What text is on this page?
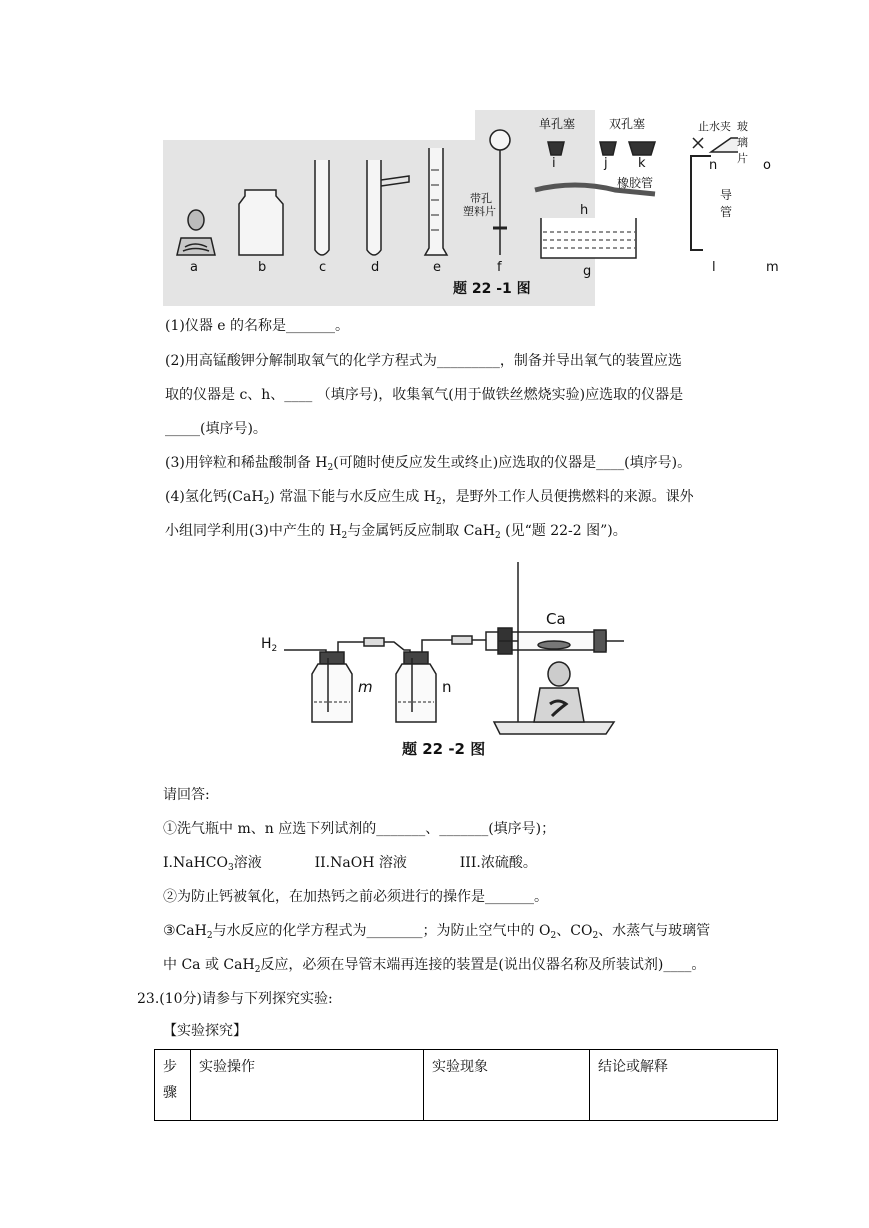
单孔塞	双孔塞	止水夹 玻璃片
带孔
塑料片
橡胶管
导管
a	b	c	d	e	f	g
i	j k	n	o
l	m
h
题 22 -1 图
(1)仪器 e 的名称是_______。
(2)用高锰酸钾分解制取氧气的化学方程式为_________，制备并导出氧气的装置应选
取的仪器是 c、h、____ （填序号)，收集氧气(用于做铁丝燃烧实验)应选取的仪器是
_____(填序号)。
(3)用锌粒和稀盐酸制备 $H_2$(可随时使反应发生或终止)应选取的仪器是____(填序号)。
(4)氢化钙(CaH$_2$) 常温下能与水反应生成 $H_2$，是野外工作人员便携燃料的来源。课外
小组同学利用(3)中产生的 $H_2$与金属钙反应制取 CaH$_2$ (见“题 22-2 图”)。
$H_2$
Ca
m	n
题 22 -2 图
请回答:
①洗气瓶中 m、n 应选下列试剂的_______、_______(填序号)；
I.NaHCO$_3$溶液	II.NaOH 溶液	III.浓硫酸。
②为防止钙被氧化，在加热钙之前必须进行的操作是_______。
③CaH$_2$与水反应的化学方程式为________；为防止空气中的 $O_2$、$CO_2$、水蒸气与玻璃管
中 Ca 或 CaH$_2$反应，必须在导管末端再连接的装置是(说出仪器名称及所装试剂)____。
23.(10分)请参与下列探究实验:
【实验探究】
步
骤
	实验操作	实验现象	结论或解释
